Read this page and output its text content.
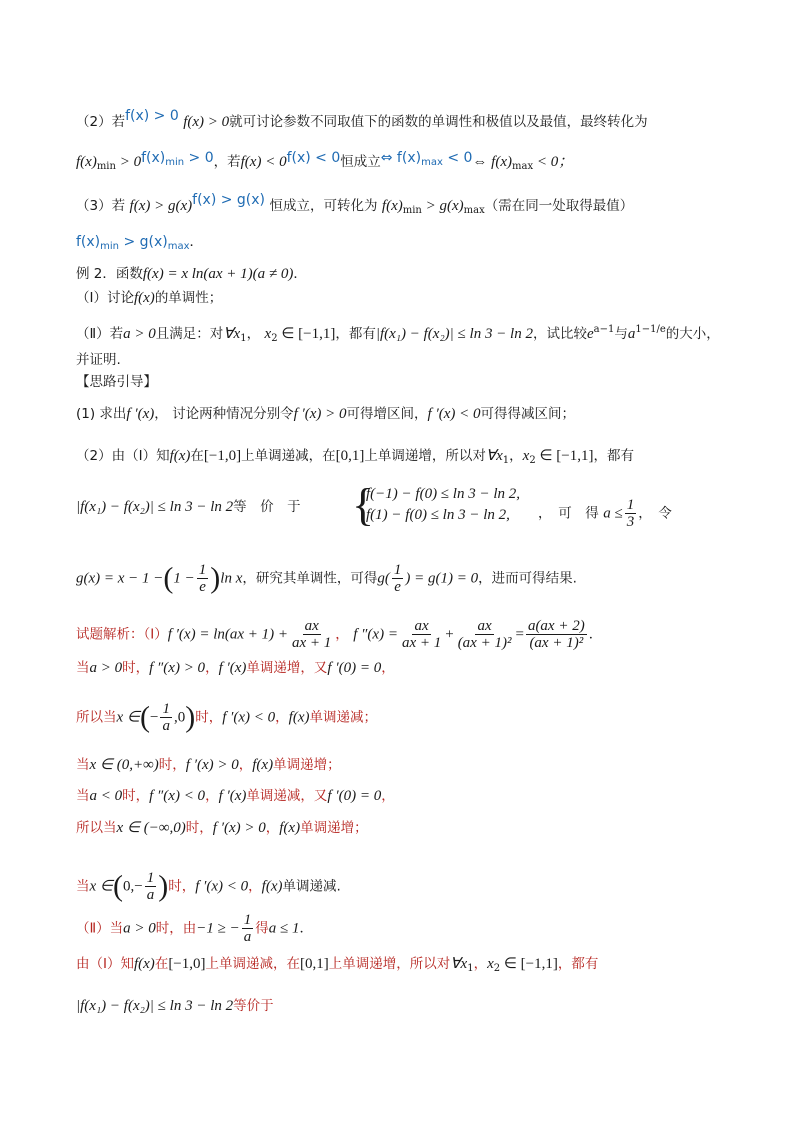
（2）若f(x) > 0 f(x) > 0就可讨论参数不同取值下的函数的单调性和极值以及最值，最终转化为
$f(x)_{min} > 0f(x)_{min} > 0$，若f(x) < 0f(x) < 0恒成立⇔ $f(x)_{max}$ < 0⇔ $f(x)_{max} < 0$；
（3）若 f(x) > g(x)f(x) > g(x) 恒成立，可转化为 $f(x)_{min} > g(x)_{max}$（需在同一处取得最值）
$f(x)_{min} > g(x)_{max}$．
例 2．函数f(x) = x ln(ax + 1)(a ≠ 0)．
（Ⅰ）讨论f(x)的单调性；
（Ⅱ）若a > 0且满足：对$\forall x_1$， $x_2$ ∈ [−1,1]，都有|f(x₁) − f(x₂)| ≤ ln 3 − ln 2，试比较$e^{a-1}$与$a^{1-1/e}$的大小，
并证明.
【思路引导】
(1) 求出f ′(x)， 讨论两种情况分别令f ′(x) > 0可得增区间，f ′(x) < 0可得得减区间；
（2）由（Ⅰ）知f(x)在[−1,0]上单调递减，在[0,1]上单调递增，所以对$\forall x_1$，$x_2$ ∈ [−1,1]，都有
|f(x₁) − f(x₂)| ≤ ln 3 − ln 2等　价　于 {
f(−1) − f(0) ≤ ln 3 − ln 2,
f(1) − f(0) ≤ ln 3 − ln 2,	，　可　得 $a \le \frac{1}{3}$ ，　令
$g(x) = x - 1 -(1 - \frac{1}{e} )\ln$ x，研究其单调性，可得$g( \frac{1}{e}$ ) = g(1) = 0，进而可得结果.
试题解析：（Ⅰ）f $'(x) = \ln(ax + 1) + \frac{ax}{ax + 1}$ ， f $''(x) = \frac{ax}{ax + 1} + \frac{ax}{\text{(ax + 1)²}} = \frac{a(ax + 2)}{\text{(ax + 1)²}}$ ．
当a > 0时，f ″(x) > 0，f ′(x)单调递增，又f ′(0) = 0，
所以当x ∈(− $\frac{1}{a} ,0$)时，f ′(x) < 0，f(x)单调递减；
当x ∈ (0,+∞)时，f ′(x) > 0，f(x)单调递增；
当a < 0时，f ″(x) < 0，f ′(x)单调递减，又f ′(0) = 0，
所以当x ∈ (−∞,0)时，f ′(x) > 0，f(x)单调递增；
当x ∈(0,− $\frac{1}{a}$ )时，f ′(x) < 0，f(x)单调递减.
（Ⅱ）当a > 0时，由−1 ≥ − $\frac{1}{a}$ 得a ≤ 1．
由（Ⅰ）知f(x)在[−1,0]上单调递减，在[0,1]上单调递增，所以对$\forall x_1$，$x_2$ ∈ [−1,1]，都有
|f(x₁) − f(x₂)| ≤ ln 3 − ln 2等价于
